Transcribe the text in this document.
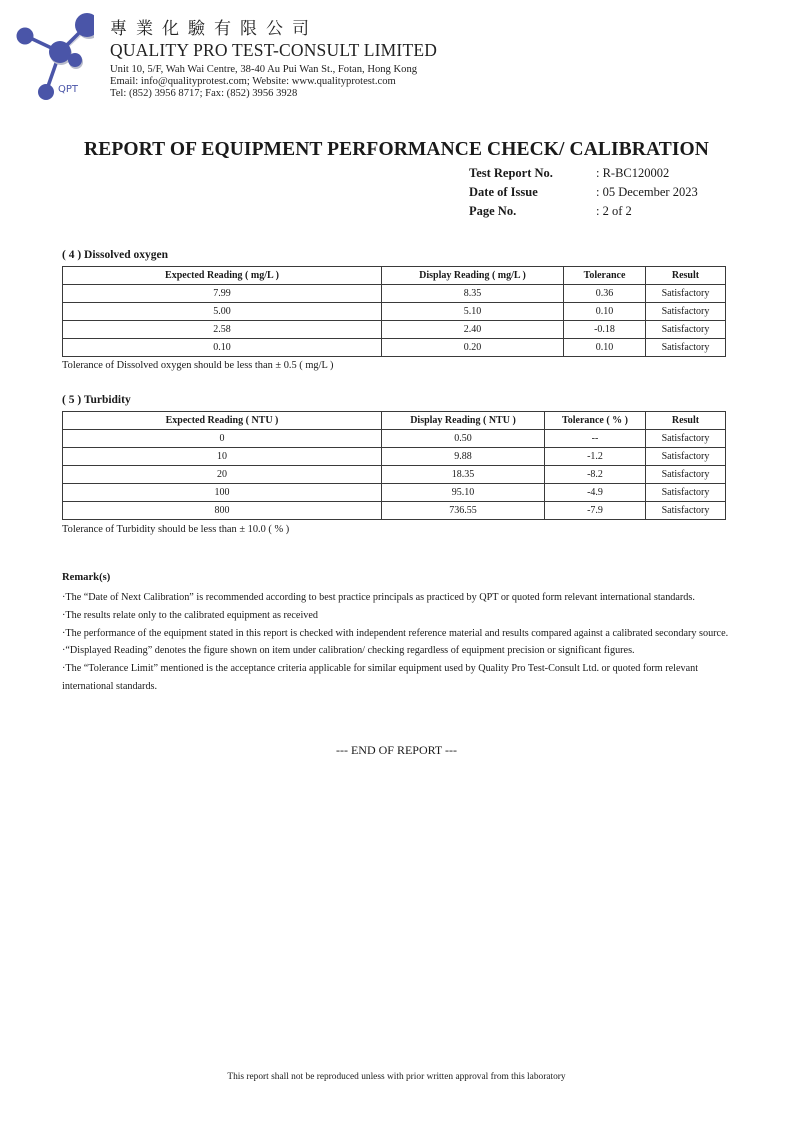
QPT
專業化驗有限公司
QUALITY PRO TEST-CONSULT LIMITED
Unit 10, 5/F, Wah Wai Centre, 38-40 Au Pui Wan St., Fotan, Hong Kong
Email: info@qualityprotest.com; Website: www.qualityprotest.com
Tel: (852) 3956 8717; Fax: (852) 3956 3928
REPORT OF EQUIPMENT PERFORMANCE CHECK/ CALIBRATION
Test Report No.	: R-BC120002
Date of Issue	: 05 December 2023
Page No.	: 2 of 2
( 4 ) Dissolved oxygen
Expected Reading ( mg/L )	Display Reading ( mg/L )	Tolerance	Result
7.99	8.35	0.36	Satisfactory
5.00	5.10	0.10	Satisfactory
2.58	2.40	-0.18	Satisfactory
0.10	0.20	0.10	Satisfactory
Tolerance of Dissolved oxygen should be less than ± 0.5 ( mg/L )
( 5 ) Turbidity
Expected Reading ( NTU )	Display Reading ( NTU )	Tolerance ( % )	Result
0	0.50	--	Satisfactory
10	9.88	-1.2	Satisfactory
20	18.35	-8.2	Satisfactory
100	95.10	-4.9	Satisfactory
800	736.55	-7.9	Satisfactory
Tolerance of Turbidity should be less than ± 10.0 ( % )
Remark(s)
·The “Date of Next Calibration” is recommended according to best practice principals as practiced by QPT or quoted form relevant international standards.
·The results relate only to the calibrated equipment as received
·The performance of the equipment stated in this report is checked with independent reference material and results compared against a calibrated secondary source.
·“Displayed Reading” denotes the figure shown on item under calibration/ checking regardless of equipment precision or significant figures.
·The “Tolerance Limit” mentioned is the acceptance criteria applicable for similar equipment used by Quality Pro Test-Consult Ltd. or quoted form relevant international standards.
--- END OF REPORT ---
This report shall not be reproduced unless with prior written approval from this laboratory
